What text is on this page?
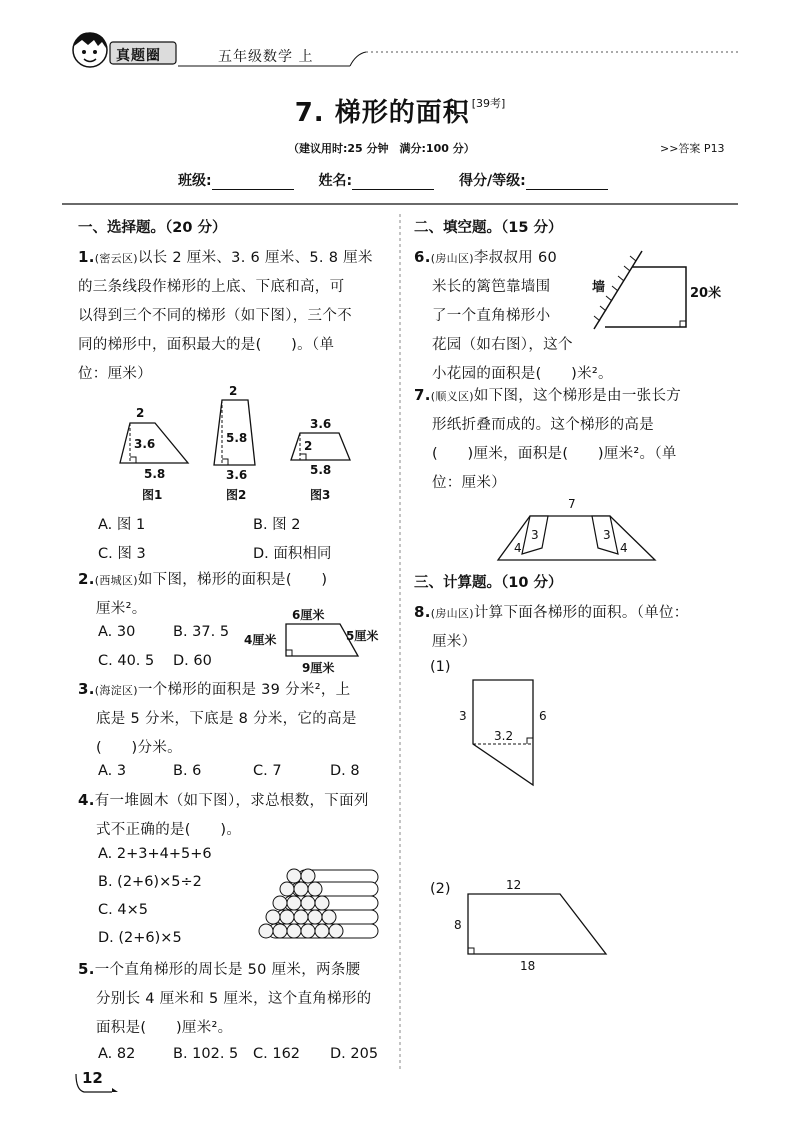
真题圈	五年级数学 上
7. 梯形的面积 [39考]
（建议用时:25 分钟　满分:100 分）	>>答案 P13
班级:	姓名:	得分/等级:
一、选择题。（20 分）
1.(密云区)以长 2 厘米、3. 6 厘米、5. 8 厘米
的三条线段作梯形的上底、下底和高，可
以得到三个不同的梯形（如下图），三个不
同的梯形中，面积最大的是(　　)。（单
位：厘米）
2
3.6
5.8
图1
2
5.8
3.6
图2
3.6
2
5.8
图3
A. 图 1	B. 图 2
C. 图 3	D. 面积相同
2.(西城区)如下图，梯形的面积是(　　)
厘米²。
A. 30	B. 37. 5
C. 40. 5 D. 60
6厘米
4厘米	5厘米
9厘米
3.(海淀区)一个梯形的面积是 39 分米²，上
底是 5 分米，下底是 8 分米，它的高是
(　　)分米。
A. 3	B. 6	C. 7	D. 8
4.有一堆圆木（如下图），求总根数，下面列
式不正确的是(　　)。
A. 2+3+4+5+6
B. (2+6)×5÷2
C. 4×5
D. (2+6)×5
5.一个直角梯形的周长是 50 厘米，两条腰
分别长 4 厘米和 5 厘米，这个直角梯形的
面积是(　　)厘米²。
A. 82	B. 102. 5 C. 162 D. 205
二、填空题。（15 分）
6.(房山区)李叔叔用 60
米长的篱笆靠墙围
了一个直角梯形小
花园（如右图），这个
小花园的面积是(　　)米²。
墙	20米
7.(顺义区)如下图，这个梯形是由一张长方
形纸折叠而成的。这个梯形的高是
(　　)厘米，面积是(　　)厘米²。（单
位：厘米）
7
3
4
3
4
三、计算题。（10 分）
8.(房山区)计算下面各梯形的面积。（单位：
厘米）
(1)
3	6
3.2
(2)	12
8
18
12
